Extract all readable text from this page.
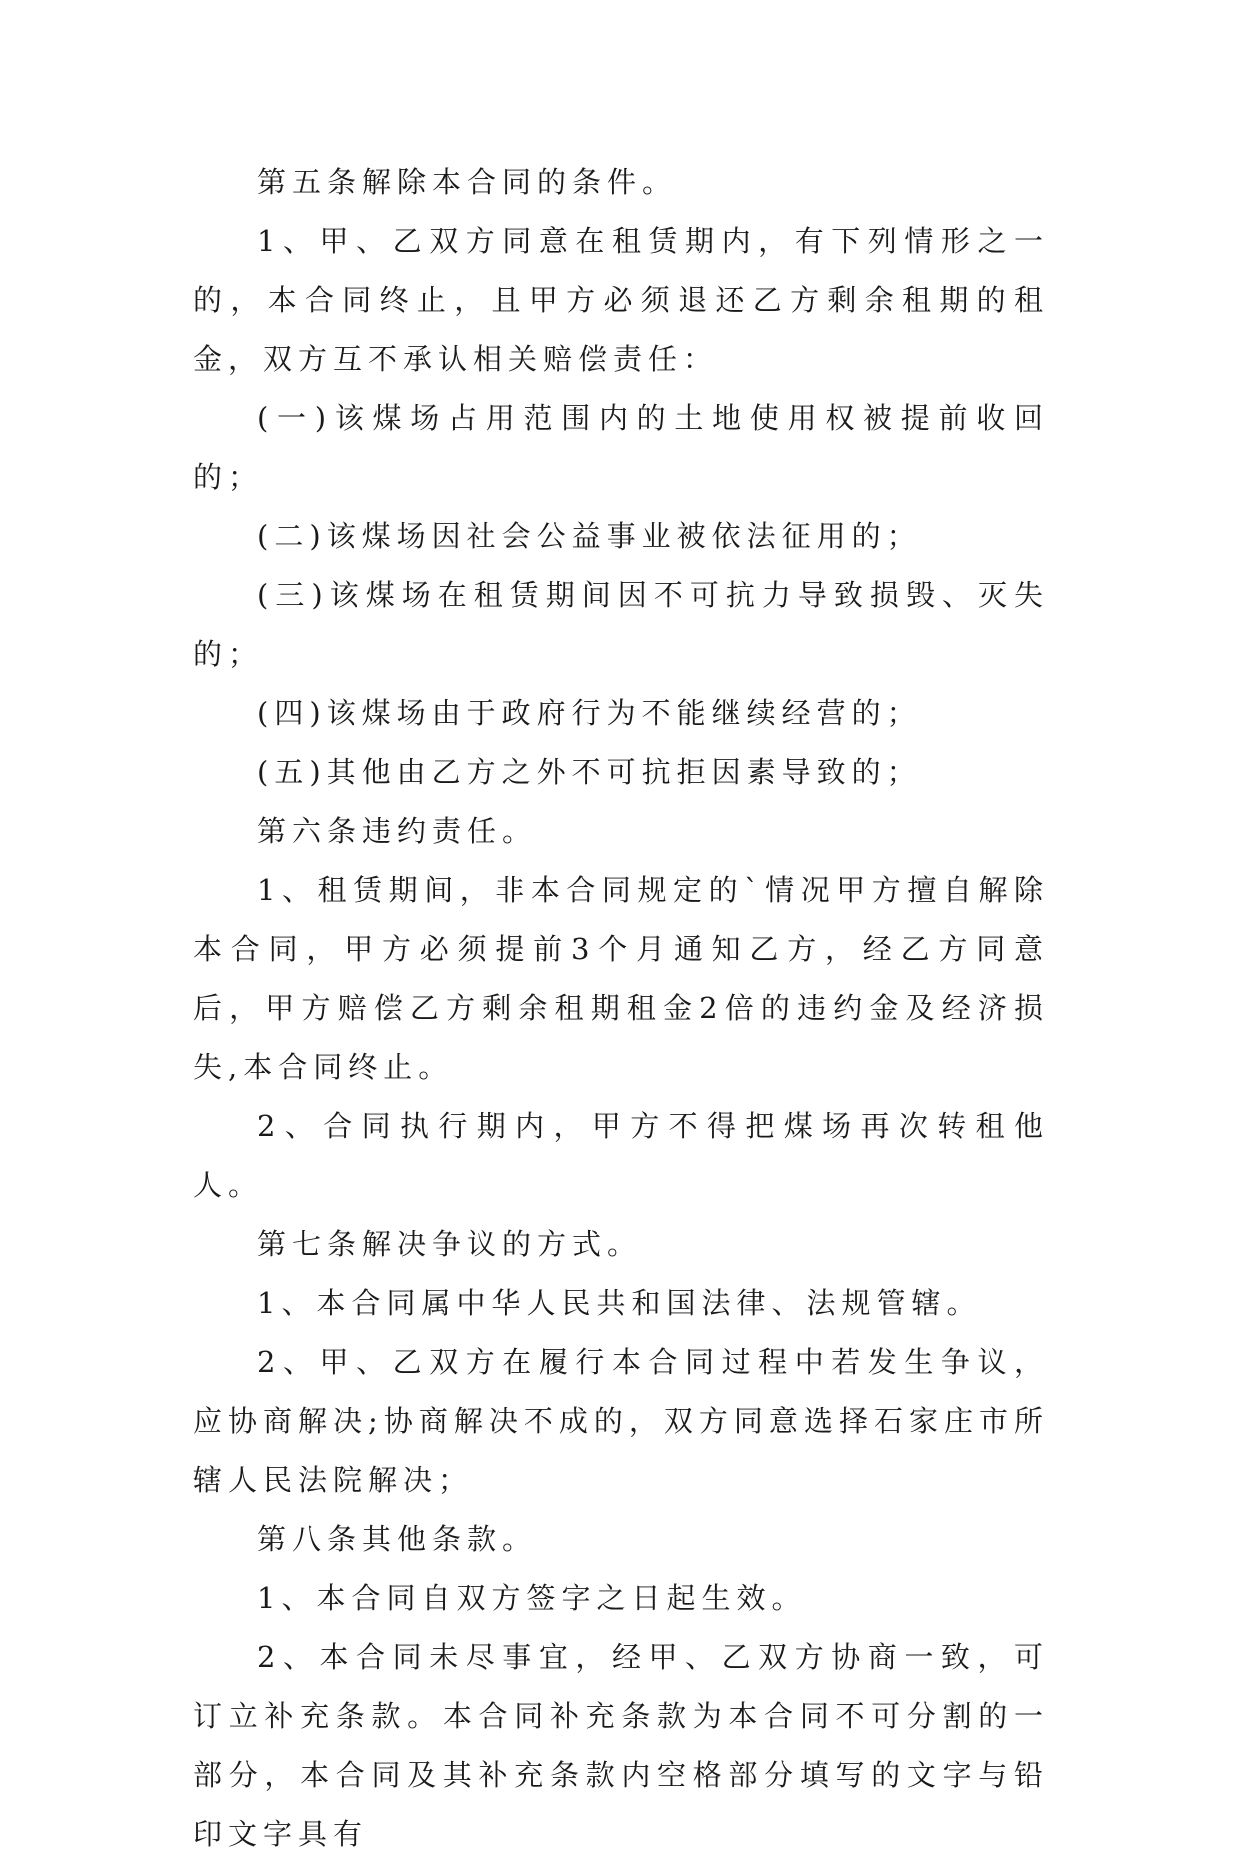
第五条解除本合同的条件。

1、甲、乙双方同意在租赁期内，有下列情形之一的，本合同终止，且甲方必须退还乙方剩余租期的租金，双方互不承认相关赔偿责任：

(一)该煤场占用范围内的土地使用权被提前收回的；

(二)该煤场因社会公益事业被依法征用的；

(三)该煤场在租赁期间因不可抗力导致损毁、灭失的；

(四)该煤场由于政府行为不能继续经营的；

(五)其他由乙方之外不可抗拒因素导致的；

第六条违约责任。

1、租赁期间，非本合同规定的`情况甲方擅自解除本合同，甲方必须提前3个月通知乙方，经乙方同意后，甲方赔偿乙方剩余租期租金2倍的违约金及经济损失,本合同终止。

2、合同执行期内，甲方不得把煤场再次转租他人。

第七条解决争议的方式。

1、本合同属中华人民共和国法律、法规管辖。

2、甲、乙双方在履行本合同过程中若发生争议，应协商解决;协商解决不成的，双方同意选择石家庄市所辖人民法院解决；

第八条其他条款。

1、本合同自双方签字之日起生效。

2、本合同未尽事宜，经甲、乙双方协商一致，可订立补充条款。本合同补充条款为本合同不可分割的一部分，本合同及其补充条款内空格部分填写的文字与铅印文字具有
